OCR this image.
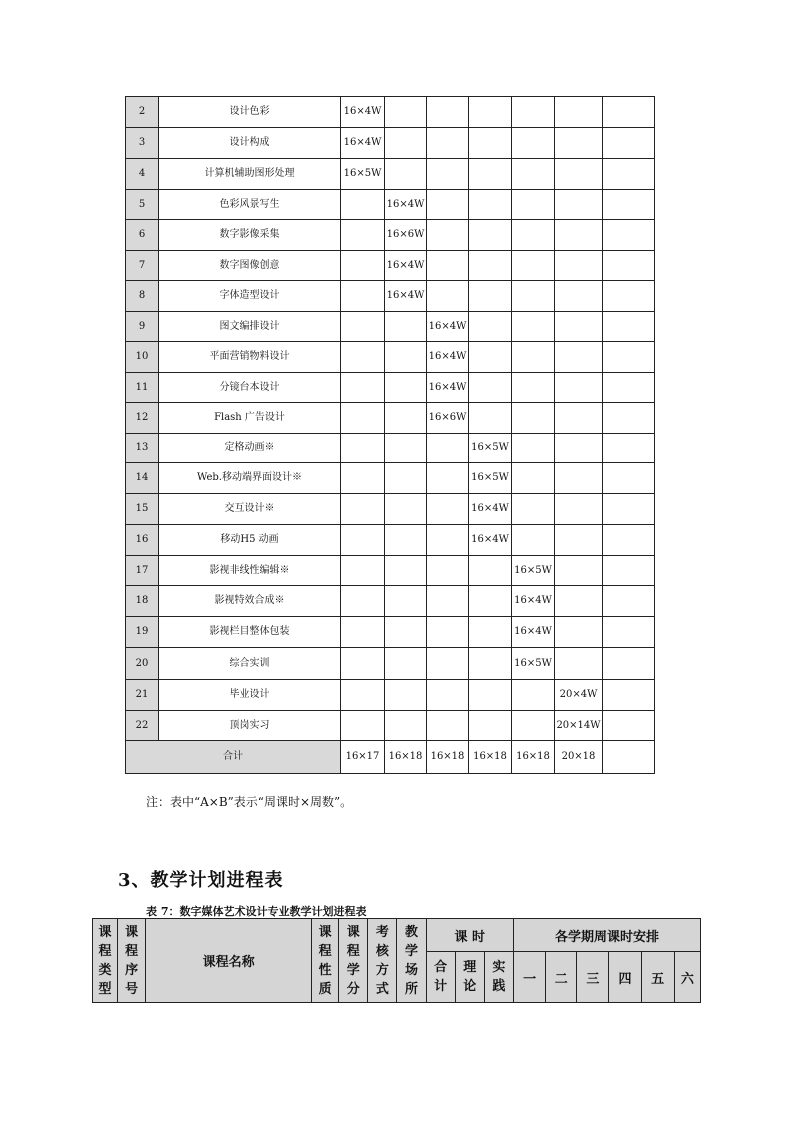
2	设计色彩	16×4W						
3	设计构成	16×4W						
4	计算机辅助图形处理	16×5W						
5	色彩风景写生		16×4W					
6	数字影像采集		16×6W					
7	数字图像创意		16×4W					
8	字体造型设计		16×4W					
9	图文编排设计			16×4W				
10	平面营销物料设计			16×4W				
11	分镜台本设计			16×4W				
12	Flash 广告设计			16×6W				
13	定格动画※				16×5W			
14	Web.移动端界面设计※				16×5W			
15	交互设计※				16×4W			
16	移动H5 动画				16×4W			
17	影视非线性编辑※					16×5W		
18	影视特效合成※					16×4W		
19	影视栏目整体包装					16×4W		
20	综合实训					16×5W		
21	毕业设计						20×4W	
22	顶岗实习						20×14W	
合计		16×17	16×18	16×18	16×18	16×18	20×18	
注：表中“A×B”表示“周课时×周数”。
3、教学计划进程表
表 7：数字媒体艺术设计专业教学计划进程表
课程类型	课程序号	课程名称	课程性质	课程学分	考核方式	教学场所	课 时			各学期周课时安排					
							合计	理论	实践	一	二	三	四	五	六
